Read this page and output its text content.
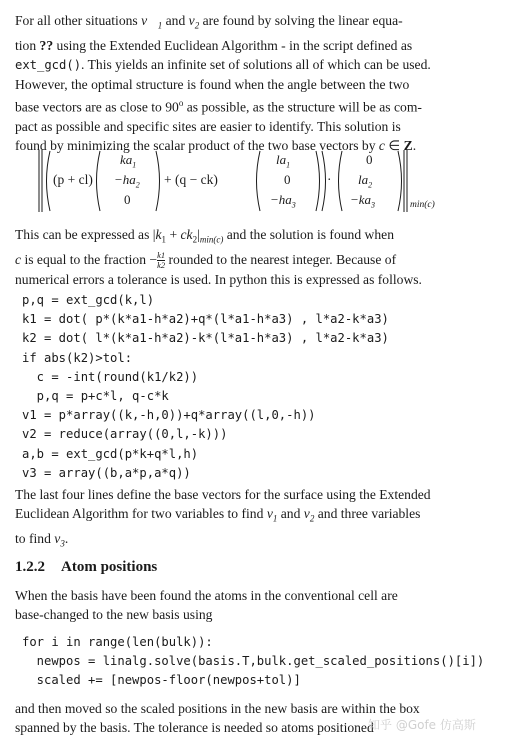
For all other situations $v⃗_1$ and $v_2$ are found by solving the linear equa-
tion ?? using the Extended Euclidean Algorithm - in the script defined as
ext_gcd(). This yields an infinite set of solutions all of which can be used.
However, the optimal structure is found when the angle between the two
base vectors are as close to 90$^o$ as possible, as the structure will be as com-
pact as possible and specific sites are easier to identify. This solution is
found by minimizing the scalar product of the two base vectors by c ∈ Z.
(p + cl)
$ka_1$
$-ha_2$
0
+ (q − ck)
$la_1$
0
$-ha_3$
·
0
$la_2$
$-ka_3$	min(c)
This can be expressed as $|k_1 + ck_2|_{min(c)}$ and the solution is found when
c is equal to the fraction − $\frac{k1}{k2}$ rounded to the nearest integer. Because of
numerical errors a tolerance is used. In python this is expressed as follows.
p,q = ext_gcd(k,l)
k1 = dot( p*(k*a1-h*a2)+q*(l*a1-h*a3) , l*a2-k*a3)
k2 = dot( l*(k*a1-h*a2)-k*(l*a1-h*a3) , l*a2-k*a3)
if abs(k2)>tol:
c = -int(round(k1/k2))
p,q = p+c*l, q-c*k
v1 = p*array((k,-h,0))+q*array((l,0,-h))
v2 = reduce(array((0,l,-k)))
a,b = ext_gcd(p*k+q*l,h)
v3 = array((b,a*p,a*q))
The last four lines define the base vectors for the surface using the Extended
Euclidean Algorithm for two variables to find $v_1$ and $v_2$ and three variables
to find $v_3$.
1.2.2 Atom positions
When the basis have been found the atoms in the conventional cell are
base-changed to the new basis using
for i in range(len(bulk)):
newpos = linalg.solve(basis.T,bulk.get_scaled_positions()[i])
scaled += [newpos-floor(newpos+tol)]
and then moved so the scaled positions in the new basis are within the box
spanned by the basis. The tolerance is needed so atoms positioned
知乎 @Gofe 仿高斯
